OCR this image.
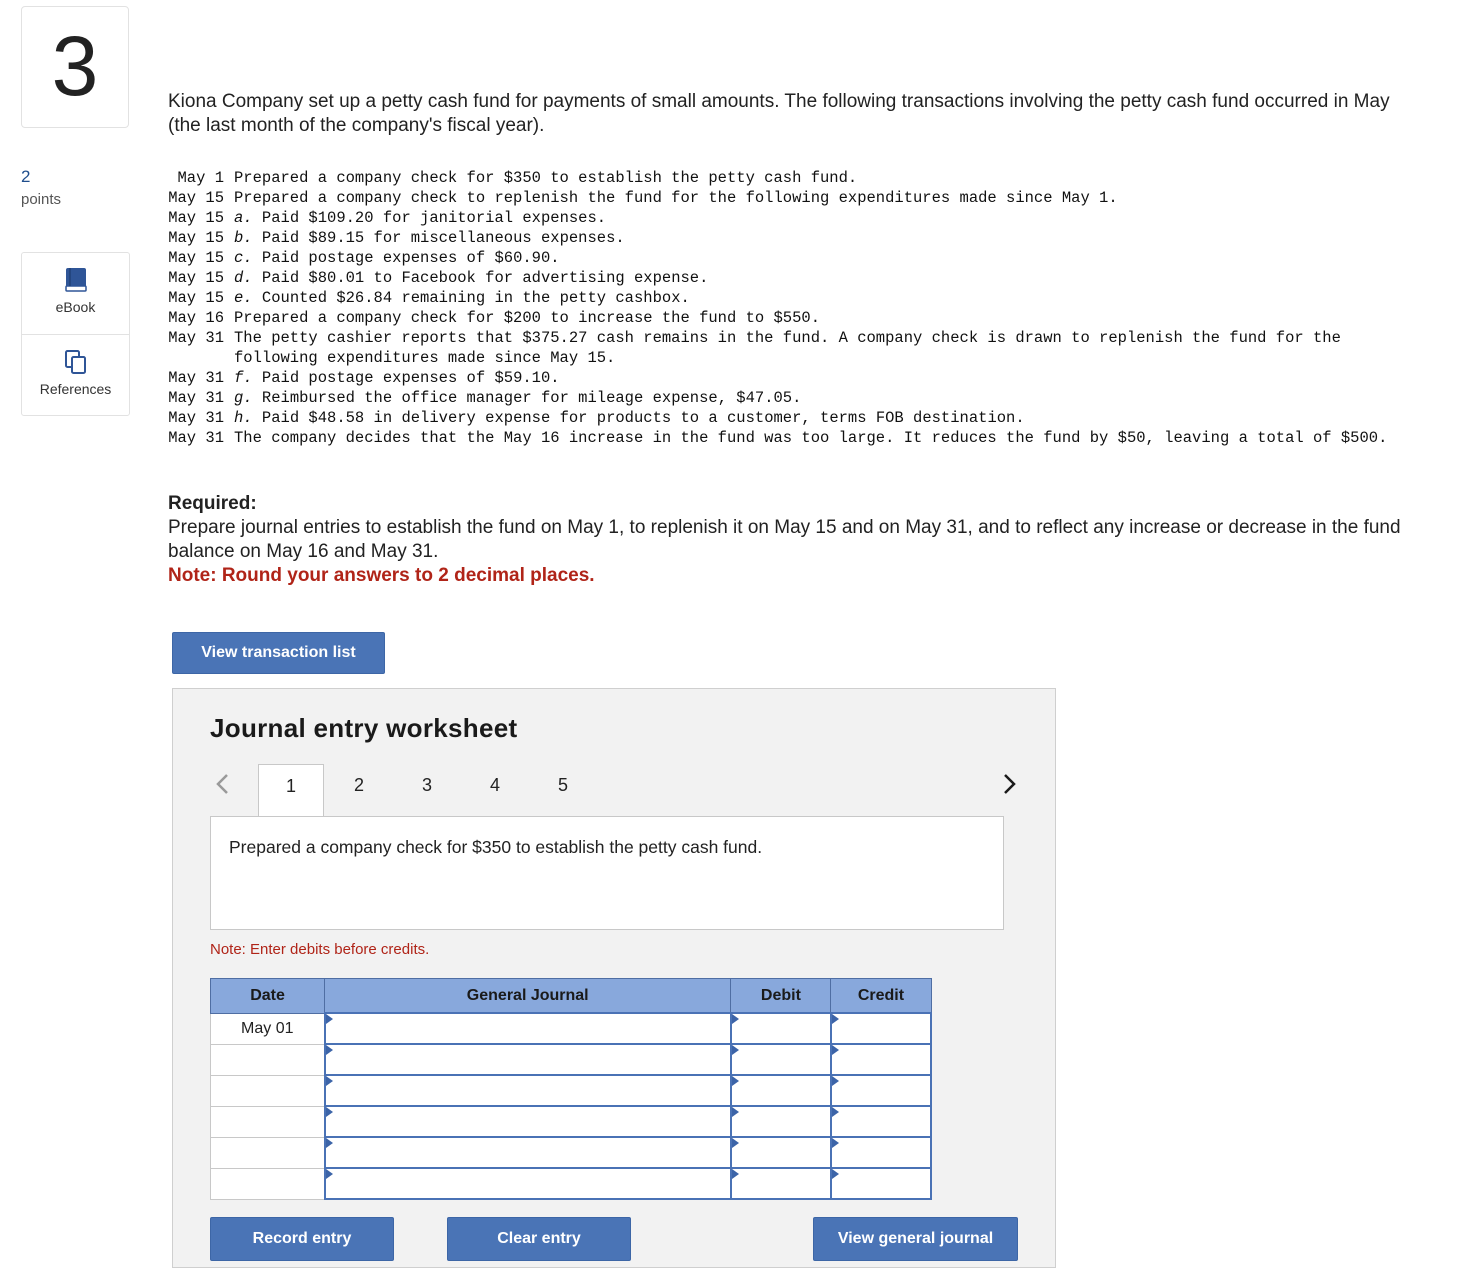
3
2
points
eBook
References
Kiona Company set up a petty cash fund for payments of small amounts. The following transactions involving the petty cash fund occurred in May (the last month of the company's fiscal year).
May 1 Prepared a company check for $350 to establish the petty cash fund.
May 15 Prepared a company check to replenish the fund for the following expenditures made since May 1.
May 15 a. Paid $109.20 for janitorial expenses.
May 15 b. Paid $89.15 for miscellaneous expenses.
May 15 c. Paid postage expenses of $60.90.
May 15 d. Paid $80.01 to Facebook for advertising expense.
May 15 e. Counted $26.84 remaining in the petty cashbox.
May 16 Prepared a company check for $200 to increase the fund to $550.
May 31 The petty cashier reports that $375.27 cash remains in the fund. A company check is drawn to replenish the fund for the following expenditures made since May 15.
May 31 f. Paid postage expenses of $59.10.
May 31 g. Reimbursed the office manager for mileage expense, $47.05.
May 31 h. Paid $48.58 in delivery expense for products to a customer, terms FOB destination.
May 31 The company decides that the May 16 increase in the fund was too large. It reduces the fund by $50, leaving a total of $500.
Required:
Prepare journal entries to establish the fund on May 1, to replenish it on May 15 and on May 31, and to reflect any increase or decrease in the fund balance on May 16 and May 31.
Note: Round your answers to 2 decimal places.
View transaction list
Journal entry worksheet
1	2	3	4	5
Prepared a company check for $350 to establish the petty cash fund.
Note: Enter debits before credits.
Date	General Journal	Debit	Credit
May 01			

Record entry	Clear entry	View general journal
